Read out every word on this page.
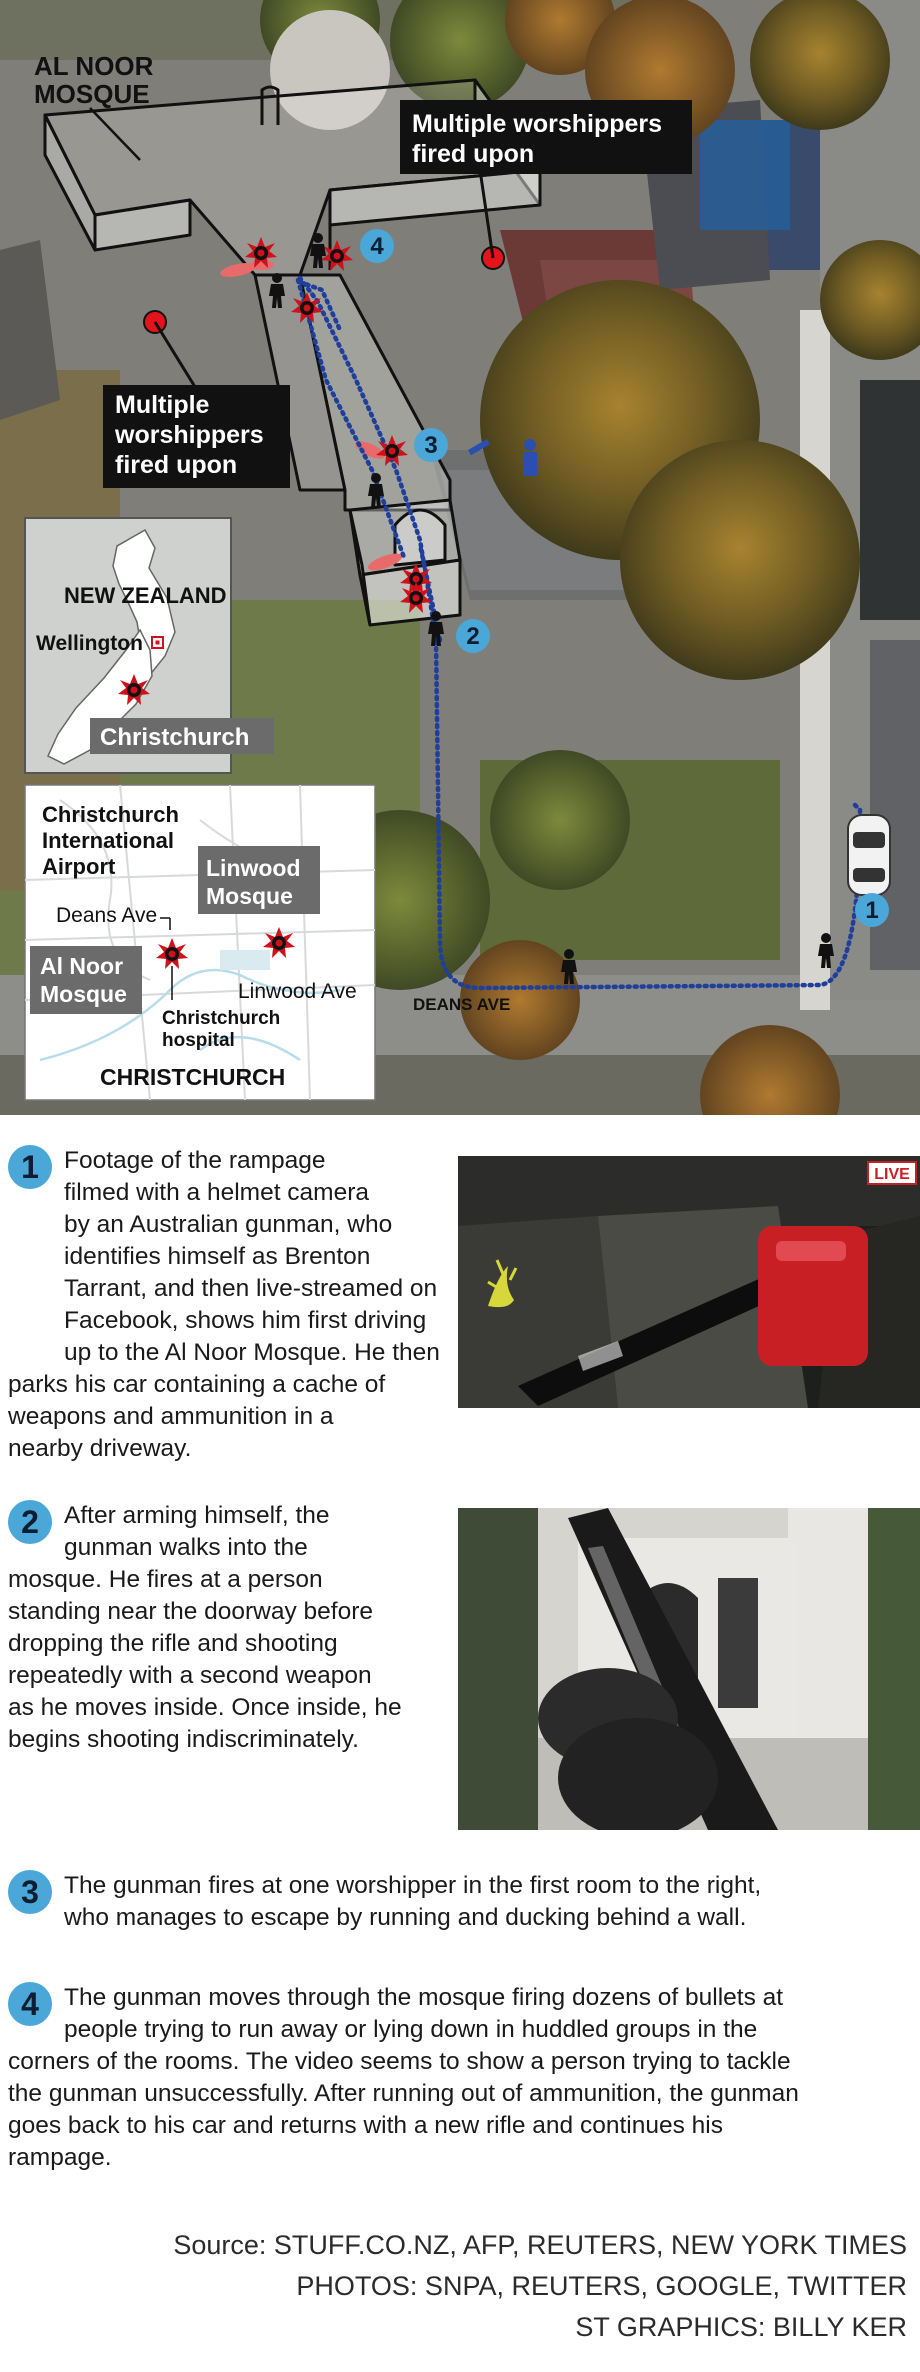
AL NOOR
MOSQUE
Multiple worshippers
fired upon
Multiple
worshippers
fired upon
1
2
3
4
DEANS AVE
NEW ZEALAND
Wellington
Christchurch
Christchurch
International
Airport	Linwood
Mosque
Deans Ave
Al Noor
Mosque	Linwood Ave
Christchurch
hospital
CHRISTCHURCH
1	Footage of the rampage
filmed with a helmet camera
by an Australian gunman, who
identifies himself as Brenton
Tarrant, and then live-streamed on
Facebook, shows him first driving
up to the Al Noor Mosque. He then
parks his car containing a cache of
weapons and ammunition in a
nearby driveway.
LIVE
2	After arming himself, the
gunman walks into the
mosque. He fires at a person
standing near the doorway before
dropping the rifle and shooting
repeatedly with a second weapon
as he moves inside. Once inside, he
begins shooting indiscriminately.
3	The gunman fires at one worshipper in the first room to the right,
who manages to escape by running and ducking behind a wall.
4	The gunman moves through the mosque firing dozens of bullets at
people trying to run away or lying down in huddled groups in the
corners of the rooms. The video seems to show a person trying to tackle
the gunman unsuccessfully. After running out of ammunition, the gunman
goes back to his car and returns with a new rifle and continues his
rampage.
Source: STUFF.CO.NZ, AFP, REUTERS, NEW YORK TIMES
PHOTOS: SNPA, REUTERS, GOOGLE, TWITTER
ST GRAPHICS: BILLY KER
